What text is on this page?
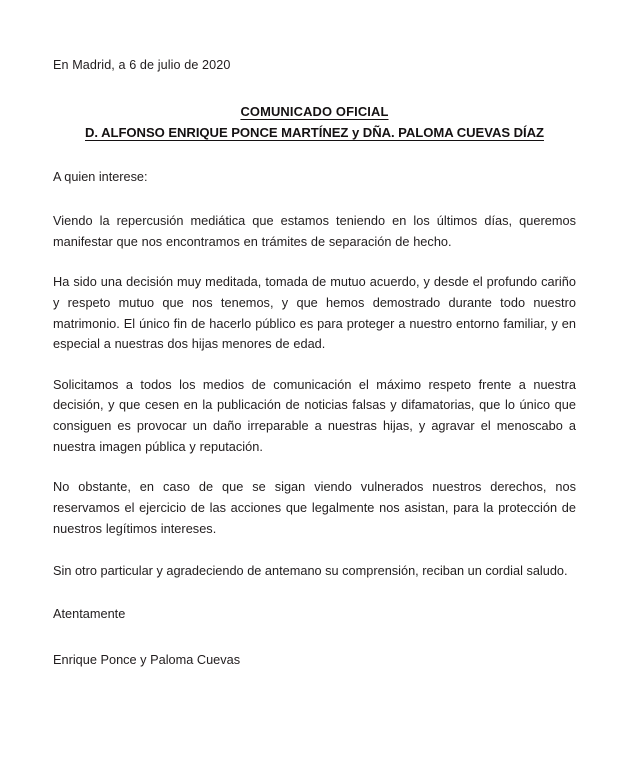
En Madrid, a 6 de julio de 2020
COMUNICADO OFICIAL D. ALFONSO ENRIQUE PONCE MARTÍNEZ y DÑA. PALOMA CUEVAS DÍAZ
A quien interese:

Viendo la repercusión mediática que estamos teniendo en los últimos días, queremos manifestar que nos encontramos en trámites de separación de hecho.

Ha sido una decisión muy meditada, tomada de mutuo acuerdo, y desde el profundo cariño y respeto mutuo que nos tenemos, y que hemos demostrado durante todo nuestro matrimonio. El único fin de hacerlo público es para proteger a nuestro entorno familiar, y en especial a nuestras dos hijas menores de edad.

Solicitamos a todos los medios de comunicación el máximo respeto frente a nuestra decisión, y que cesen en la publicación de noticias falsas y difamatorias, que lo único que consiguen es provocar un daño irreparable a nuestras hijas, y agravar el menoscabo a nuestra imagen pública y reputación.

No obstante, en caso de que se sigan viendo vulnerados nuestros derechos, nos reservamos el ejercicio de las acciones que legalmente nos asistan, para la protección de nuestros legítimos intereses.

Sin otro particular y agradeciendo de antemano su comprensión, reciban un cordial saludo.
Atentamente
Enrique Ponce y Paloma Cuevas
